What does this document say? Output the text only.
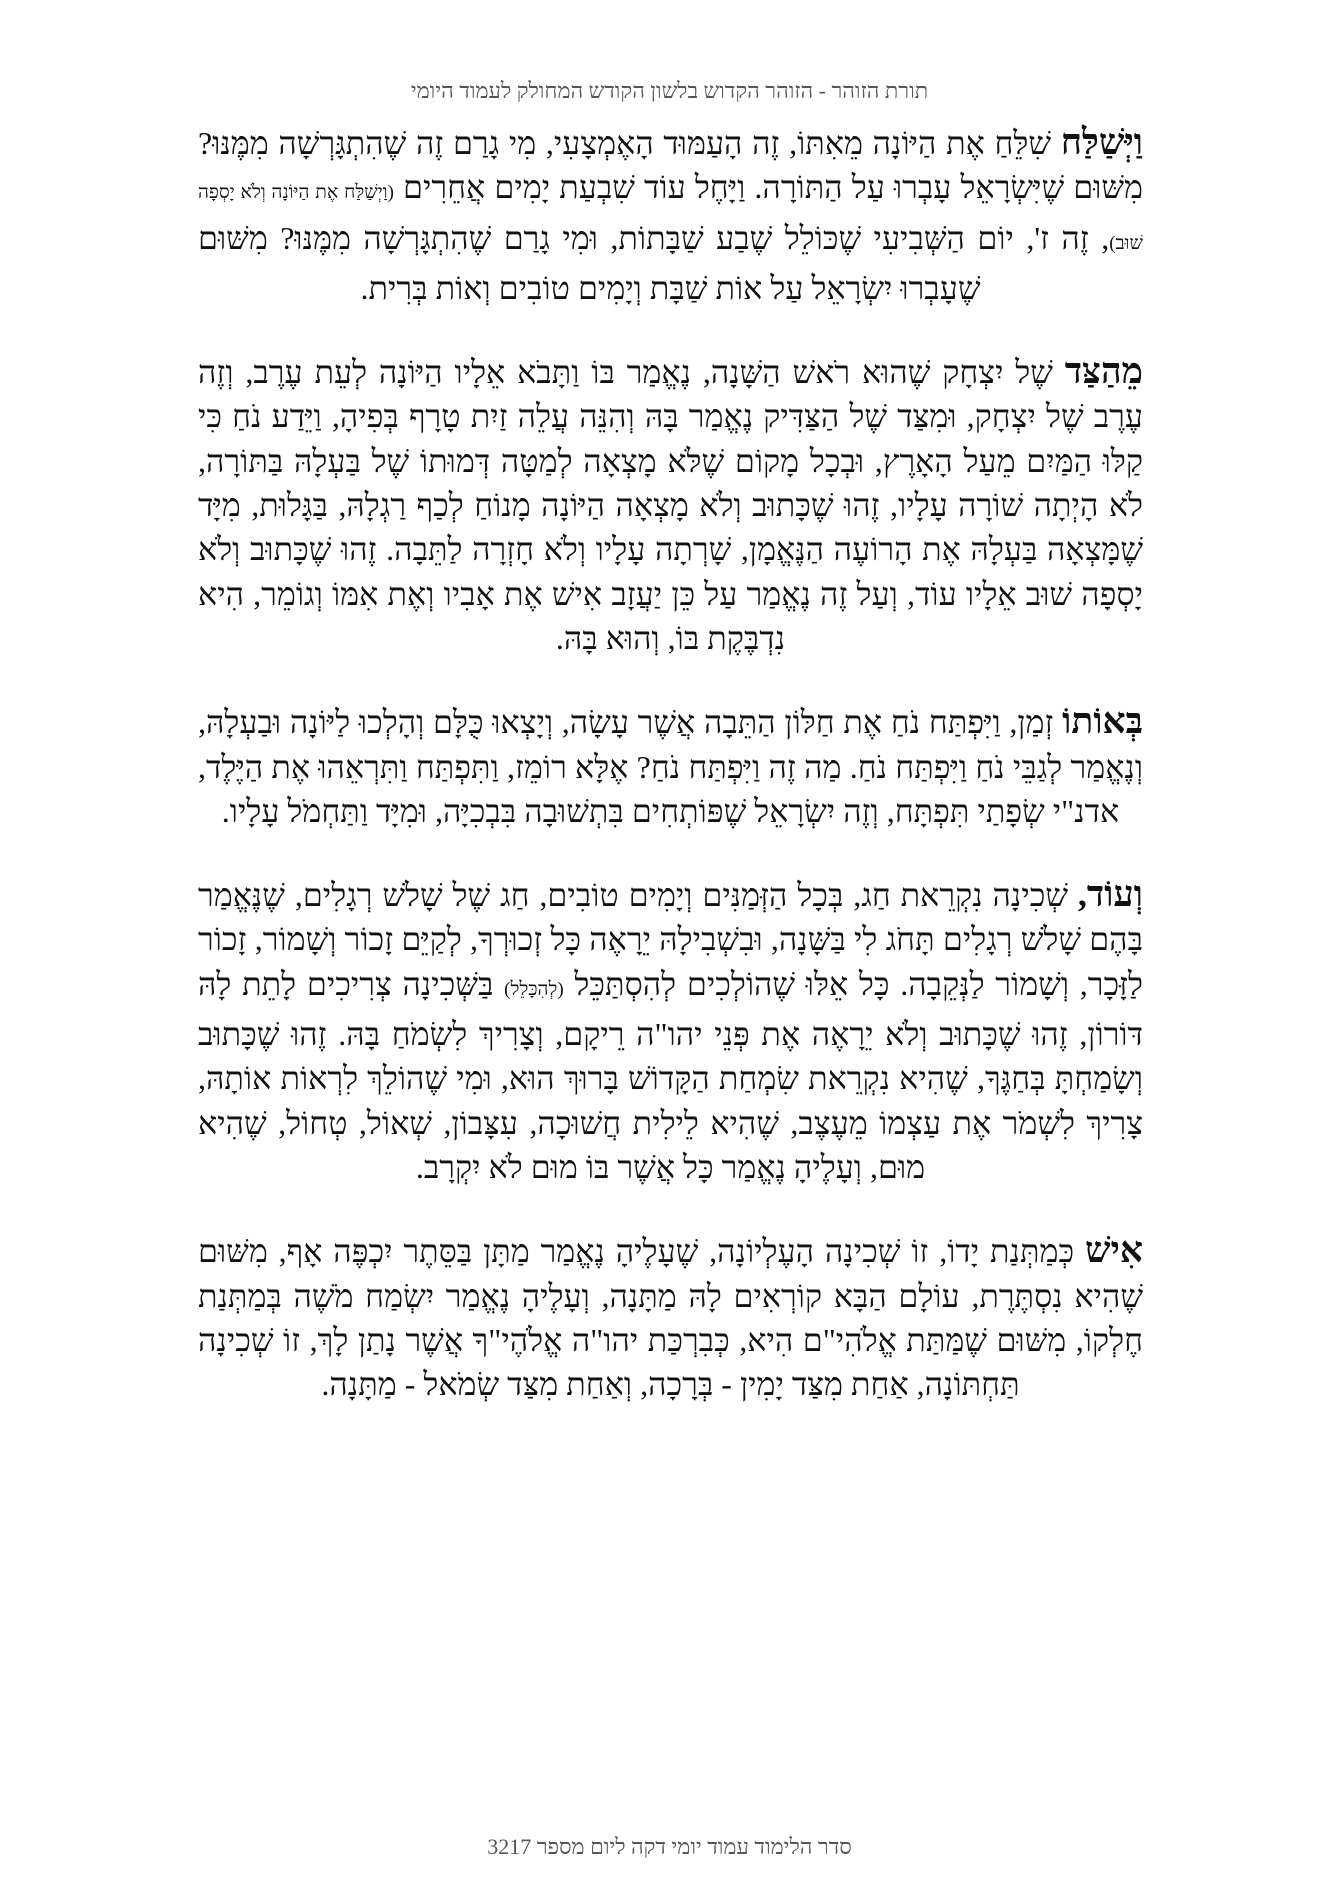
תורת הזוהר - הזוהר הקדוש בלשון הקודש המחולק לעמוד היומי

וַיְּשַׁלַּח שִׁלֵּחַ אֶת הַיּוֹנָה מֵאִתּוֹ, זֶה הָעַמּוּד הָאֶמְצָעִי, מִי גָרַם זֶה שֶׁהִתְגָּרְשָׁה מִמֶּנּוּ? מִשּׁוּם שֶׁיִּשְׂרָאֵל עָבְרוּ עַל הַתּוֹרָה. וַיָּחֶל עוֹד שִׁבְעַת יָמִים אֲחֵרִים (וַיְשַׁלַּח אֶת הַיּוֹנָה וְלֹא יָסְפָה שׁוּב), זֶה ז', יוֹם הַשְּׁבִיעִי שֶׁכּוֹלֵל שֶׁבַע שַׁבָּתוֹת, וּמִי גָרַם שֶׁהִתְגָּרְשָׁה מִמֶּנּוּ? מִשּׁוּם שֶׁעָבְרוּ יִשְׂרָאֵל עַל אוֹת שַׁבָּת וְיָמִים טוֹבִים וְאוֹת בְּרִית.

מֵהַצַּד שֶׁל יִצְחָק שֶׁהוּא רֹאשׁ הַשָּׁנָה, נֶאֱמַר בּוֹ וַתָּבֹא אֵלָיו הַיּוֹנָה לְעֵת עֶרֶב, וְזֶה עֶרֶב שֶׁל יִצְחָק, וּמִצַּד שֶׁל הַצַּדִּיק נֶאֱמַר בָּהּ וְהִנֵּה עֲלֵה זַיִת טָרָף בְּפִיהָ, וַיֵּדַע נֹחַ כִּי קַלּוּ הַמַּיִם מֵעַל הָאָרֶץ, וּבְכָל מָקוֹם שֶׁלֹּא מָצְאָה לְמַטָּה דְּמוּתוֹ שֶׁל בַּעְלָהּ בַּתּוֹרָה, לֹא הָיְתָה שׁוֹרָה עָלָיו, זֶהוּ שֶׁכָּתוּב וְלֹא מָצְאָה הַיּוֹנָה מָנוֹחַ לְכַף רַגְלָהּ, בַּגָּלוּת, מִיָּד שֶׁמָּצְאָה בַּעְלָהּ אֶת הָרוֹעֶה הַנֶּאֱמָן, שָׁרְתָה עָלָיו וְלֹא חָזְרָה לַתֵּבָה. זֶהוּ שֶׁכָּתוּב וְלֹא יָסְפָה שׁוּב אֵלָיו עוֹד, וְעַל זֶה נֶאֱמַר עַל כֵּן יַעֲזָב אִישׁ אֶת אָבִיו וְאֶת אִמּוֹ וְגוֹמֵר, הִיא נִדְבֶּקֶת בּוֹ, וְהוּא בָּהּ.

בְּאוֹתוֹ זְמַן, וַיִּפְתַּח נֹחַ אֶת חַלּוֹן הַתֵּבָה אֲשֶׁר עָשָׂה, וְיָצְאוּ כֻּלָּם וְהָלְכוּ לַיּוֹנָה וּבַעְלָהּ, וְנֶאֱמַר לְגַבֵּי נֹחַ וַיִּפְתַּח נֹחַ. מַה זֶה וַיִּפְתַּח נֹחַ? אֶלָּא רוֹמֵז, וַתִּפְתַּח וַתִּרְאֵהוּ אֶת הַיֶּלֶד, אדנ"י שְׂפָתַי תִּפְתָּח, וְזֶה יִשְׂרָאֵל שֶׁפּוֹתְחִים בִּתְשׁוּבָה בִּבְכִיָּה, וּמִיָּד וַתַּחְמֹל עָלָיו.

וְעוֹד, שְׁכִינָה נִקְרֵאת חַג, בְּכָל הַזְּמַנִּים וְיָמִים טוֹבִים, חַג שֶׁל שָׁלֹשׁ רְגָלִים, שֶׁנֶּאֱמַר בָּהֶם שָׁלֹשׁ רְגָלִים תָּחֹג לִי בַּשָּׁנָה, וּבִשְׁבִילָהּ יֵרָאֶה כָּל זְכוּרְךָ, לְקַיֵּם זָכוֹר וְשָׁמוֹר, זָכוֹר לַזָּכָר, וְשָׁמוֹר לַנְּקֵבָה. כָּל אֵלּוּ שֶׁהוֹלְכִים לְהִסְתַּכֵּל (לְהִכָּלֵל) בַּשְּׁכִינָה צְרִיכִים לָתֵת לָהּ דּוֹרוֹן, זֶהוּ שֶׁכָּתוּב וְלֹא יֵרָאֶה אֶת פְּנֵי יהו"ה רֵיקָם, וְצָרִיךְ לִשְׂמֹחַ בָּהּ. זֶהוּ שֶׁכָּתוּב וְשָׂמַחְתָּ בְּחַגֶּךָ, שֶׁהִיא נִקְרֵאת שִׂמְחַת הַקָּדוֹשׁ בָּרוּךְ הוּא, וּמִי שֶׁהוֹלֵךְ לִרְאוֹת אוֹתָהּ, צָרִיךְ לִשְׁמֹר אֶת עַצְמוֹ מֵעֶצֶב, שֶׁהִיא לֵילִית חֲשׁוּכָה, עִצָּבוֹן, שְׁאוֹל, טְחוֹל, שֶׁהִיא מוּם, וְעָלֶיהָ נֶאֱמַר כָּל אֲשֶׁר בּוֹ מוּם לֹא יִקְרָב.

אִישׁ כְּמַתְּנַת יָדוֹ, זוֹ שְׁכִינָה הָעֶלְיוֹנָה, שֶׁעָלֶיהָ נֶאֱמַר מַתָּן בַּסֵּתֶר יִכְפֶּה אָף, מִשּׁוּם שֶׁהִיא נִסְתֶּרֶת, עוֹלָם הַבָּא קוֹרְאִים לָהּ מַתָּנָה, וְעָלֶיהָ נֶאֱמַר יִשְׂמַח מֹשֶׁה בְּמַתְּנַת חֶלְקוֹ, מִשּׁוּם שֶׁמַּתַּת אֱלֹהִי"ם הִיא, כְּבִרְכַּת יהו"ה אֱלֹהֶי"ךָ אֲשֶׁר נָתַן לָךְ, זוֹ שְׁכִינָה תַּחְתּוֹנָה, אַחַת מִצַּד יָמִין - בְּרָכָה, וְאַחַת מִצַּד שְׂמֹאל - מַתָּנָה.

סדר הלימוד עמוד יומי דקה ליום מספר 3217
